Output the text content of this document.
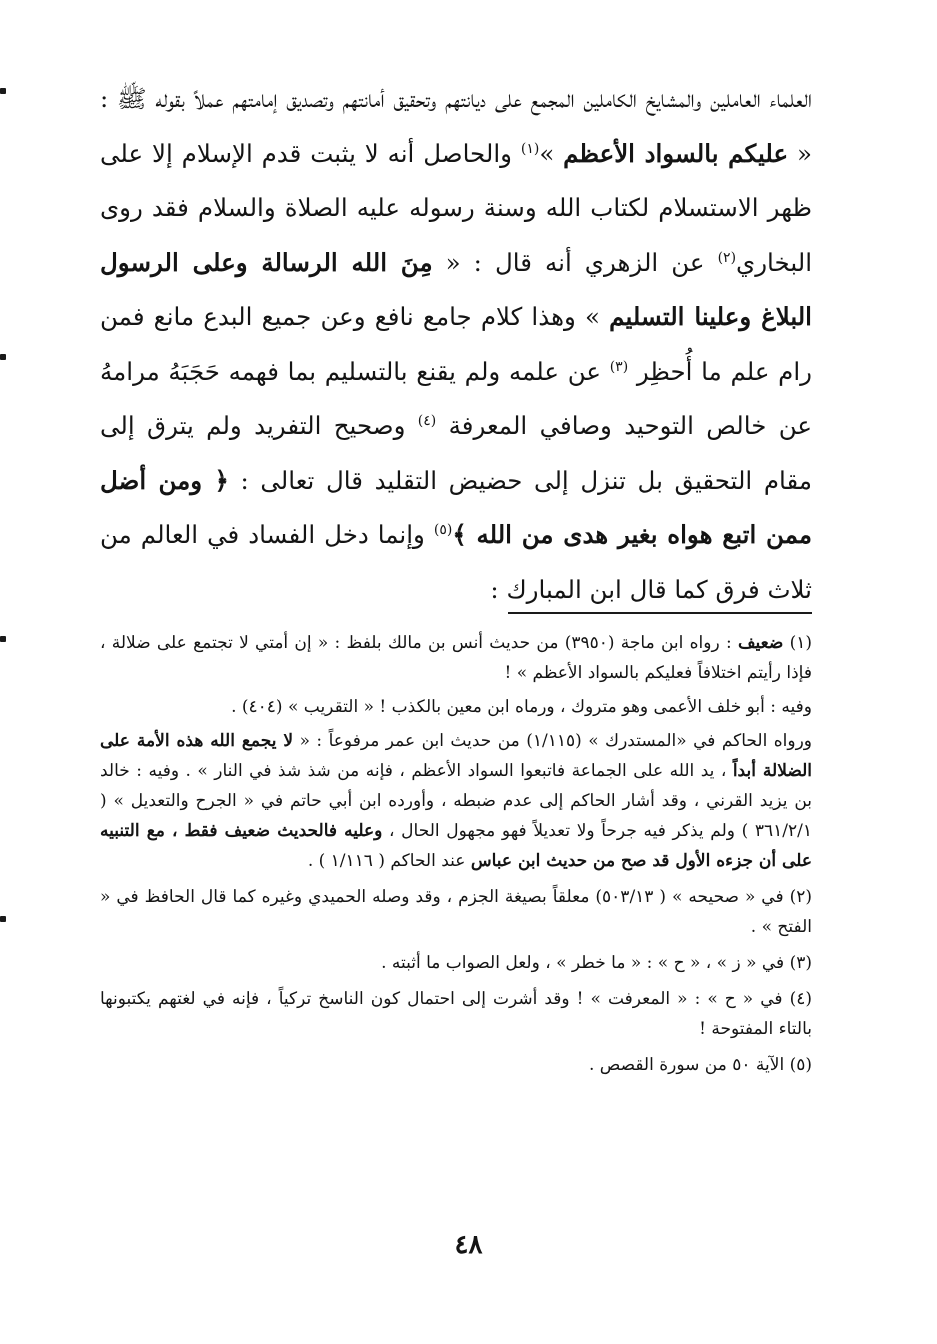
العلماء العاملين والمشايخ الكاملين المجمع على ديانتهم وتحقيق أمانتهم وتصديق إمامتهم عملاً بقوله ﷺ : « عليكم بالسواد الأعظم »$^{(١)}$ والحاصل أنه لا يثبت قدم الإسلام إلا على ظهر الاستسلام لكتاب الله وسنة رسوله عليه الصلاة والسلام فقد روى البخاري$^{(٢)}$ عن الزهري أنه قال : « مِنَ الله الرسالة وعلى الرسول البلاغ وعلينا التسليم » وهذا كلام جامع نافع وعن جميع البدع مانع فمن رام علم ما أُحظِر $^{(٣)}$ عن علمه ولم يقنع بالتسليم بما فهمه حَجَبَهُ مرامهُ عن خالص التوحيد وصافي المعرفة $^{(٤)}$ وصحيح التفريد ولم يترق إلى مقام التحقيق بل تنزل إلى حضيض التقليد قال تعالى : ﴿ ومن أضل ممن اتبع هواه بغير هدى من الله ﴾$^{(٥)}$ وإنما دخل الفساد في العالم من ثلاث فرق كما قال ابن المبارك :

(١) ضعيف : رواه ابن ماجة (٣٩٥٠) من حديث أنس بن مالك بلفظ : « إن أمتي لا تجتمع على ضلالة ، فإذا رأيتم اختلافاً فعليكم بالسواد الأعظم » !

وفيه : أبو خلف الأعمى وهو متروك ، ورماه ابن معين بالكذب ! « التقريب » (٤٠٤) .

ورواه الحاكم في «المستدرك » (١/١١٥) من حديث ابن عمر مرفوعاً : « لا يجمع الله هذه الأمة على الضلالة أبداً ، يد الله على الجماعة فاتبعوا السواد الأعظم ، فإنه من شذ شذ في النار » . وفيه : خالد بن يزيد القرني ، وقد أشار الحاكم إلى عدم ضبطه ، وأورده ابن أبي حاتم في « الجرح والتعديل » ( ٣٦١/٢/١ ) ولم يذكر فيه جرحاً ولا تعديلاً فهو مجهول الحال ، وعليه فالحديث ضعيف فقط ، مع التنبيه على أن جزءه الأول قد صح من حديث ابن عباس عند الحاكم ( ١/١١٦ ) .

(٢) في « صحيحه » ( ٥٠٣/١٣) معلقاً بصيغة الجزم ، وقد وصله الحميدي وغيره كما قال الحافظ في « الفتح » .

(٣) في « ز » ، « ح » : « ما خطر » ، ولعل الصواب ما أثبته .

(٤) في « ح » : « المعرفت » ! وقد أشرت إلى احتمال كون الناسخ تركياً ، فإنه في لغتهم يكتبونها بالتاء المفتوحة !

(٥) الآية ٥٠ من سورة القصص .

٤٨
